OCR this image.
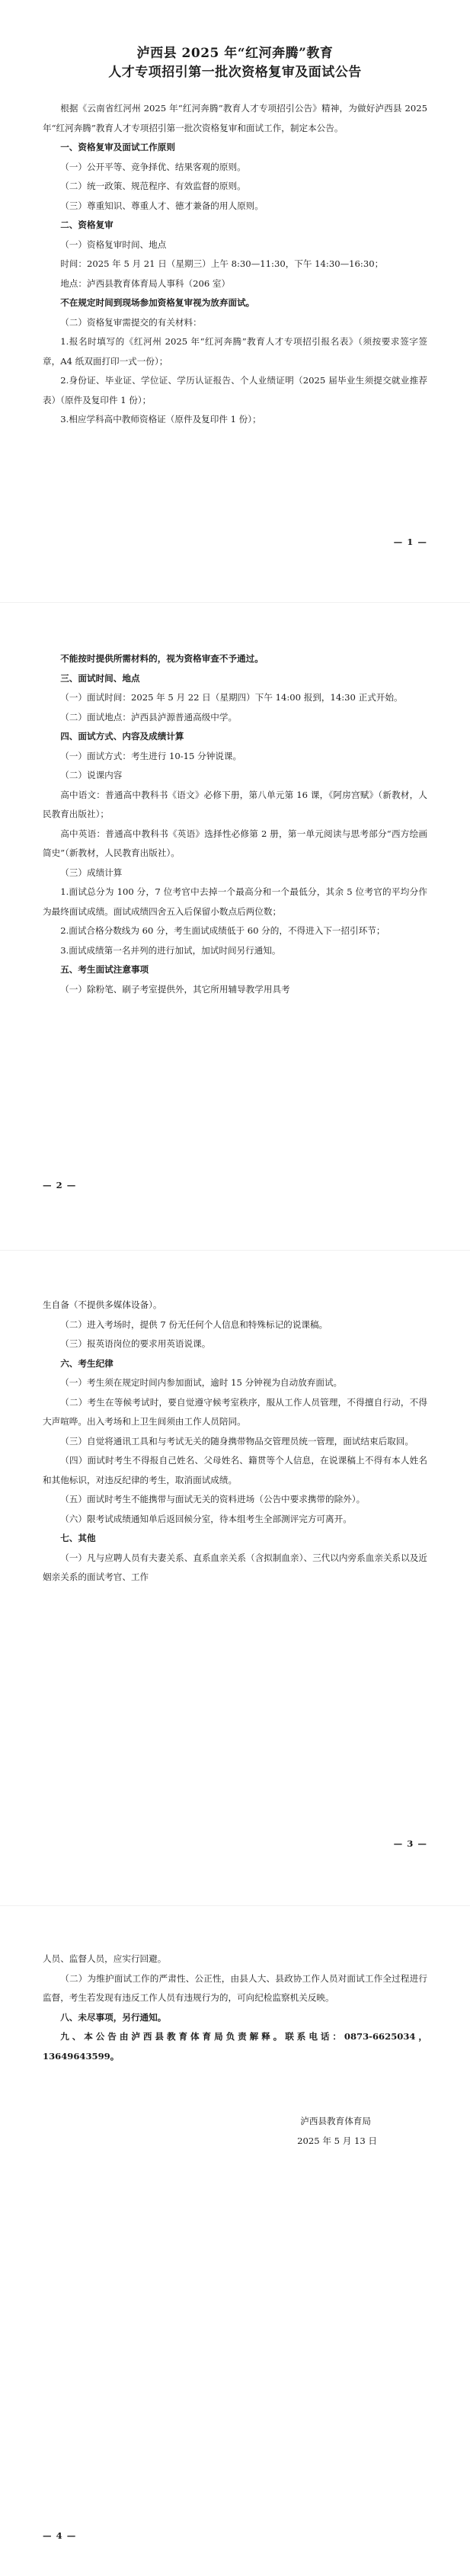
泸西县 2025 年“红河奔腾”教育
人才专项招引第一批次资格复审及面试公告

根据《云南省红河州 2025 年“红河奔腾”教育人才专项招引公告》精神，为做好泸西县 2025 年“红河奔腾”教育人才专项招引第一批次资格复审和面试工作，制定本公告。

一、资格复审及面试工作原则

（一）公开平等、竞争择优、结果客观的原则。

（二）统一政策、规范程序、有效监督的原则。

（三）尊重知识、尊重人才、德才兼备的用人原则。

二、资格复审

（一）资格复审时间、地点

时间：2025 年 5 月 21 日（星期三）上午 8:30—11:30，下午 14:30—16:30；

地点：泸西县教育体育局人事科（206 室）

不在规定时间到现场参加资格复审视为放弃面试。

（二）资格复审需提交的有关材料：

1.报名时填写的《红河州 2025 年“红河奔腾”教育人才专项招引报名表》（须按要求签字签章，A4 纸双面打印一式一份）；

2.身份证、毕业证、学位证、学历认证报告、个人业绩证明（2025 届毕业生须提交就业推荐表）（原件及复印件 1 份）；

3.相应学科高中教师资格证（原件及复印件 1 份）；

— 1 —

不能按时提供所需材料的，视为资格审查不予通过。

三、面试时间、地点

（一）面试时间：2025 年 5 月 22 日（星期四）下午 14:00 报到，14:30 正式开始。

（二）面试地点：泸西县泸源普通高级中学。

四、面试方式、内容及成绩计算

（一）面试方式：考生进行 10-15 分钟说课。

（二）说课内容

高中语文：普通高中教科书《语文》必修下册，第八单元第 16 课，《阿房宫赋》（新教材，人民教育出版社）；

高中英语：普通高中教科书《英语》选择性必修第 2 册，第一单元阅读与思考部分“西方绘画简史”（新教材，人民教育出版社）。

（三）成绩计算

1.面试总分为 100 分，7 位考官中去掉一个最高分和一个最低分，其余 5 位考官的平均分作为最终面试成绩。面试成绩四舍五入后保留小数点后两位数；

2.面试合格分数线为 60 分，考生面试成绩低于 60 分的，不得进入下一招引环节；

3.面试成绩第一名并列的进行加试，加试时间另行通知。

五、考生面试注意事项

（一）除粉笔、刷子考室提供外，其它所用辅导教学用具考

— 2 —

生自备（不提供多媒体设备）。

（二）进入考场时，提供 7 份无任何个人信息和特殊标记的说课稿。

（三）报英语岗位的要求用英语说课。

六、考生纪律

（一）考生须在规定时间内参加面试，逾时 15 分钟视为自动放弃面试。

（二）考生在等候考试时，要自觉遵守候考室秩序，服从工作人员管理，不得擅自行动，不得大声喧哗。出入考场和上卫生间须由工作人员陪同。

（三）自觉将通讯工具和与考试无关的随身携带物品交管理员统一管理，面试结束后取回。

（四）面试时考生不得报自己姓名、父母姓名、籍贯等个人信息，在说课稿上不得有本人姓名和其他标识，对违反纪律的考生，取消面试成绩。

（五）面试时考生不能携带与面试无关的资料进场（公告中要求携带的除外）。

（六）限考试成绩通知单后返回候分室，待本组考生全部测评完方可离开。

七、其他

（一）凡与应聘人员有夫妻关系、直系血亲关系（含拟制血亲）、三代以内旁系血亲关系以及近姻亲关系的面试考官、工作

— 3 —

人员、监督人员，应实行回避。

（二）为维护面试工作的严肃性、公正性，由县人大、县政协工作人员对面试工作全过程进行监督，考生若发现有违反工作人员有违规行为的，可向纪检监察机关反映。

八、未尽事项，另行通知。

九、本公告由泸西县教育体育局负责解释。联系电话：0873-6625034，13649643599。

泸西县教育体育局

2025 年 5 月 13 日

— 4 —
